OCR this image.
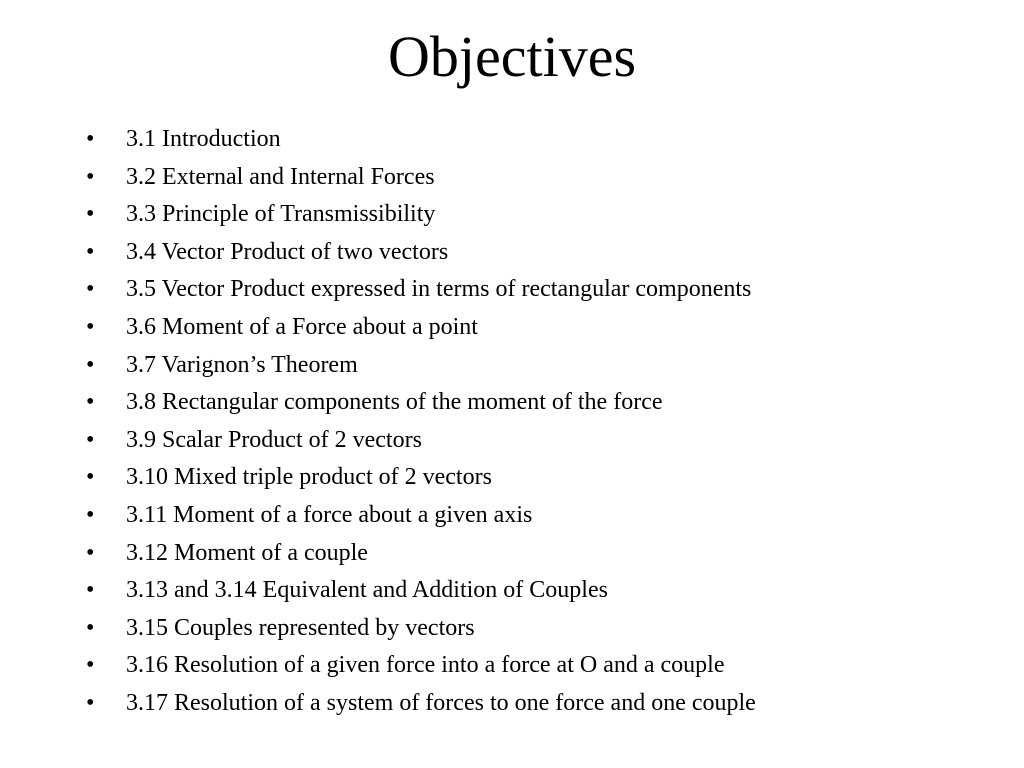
Objectives
• 3.1 Introduction
• 3.2 External and Internal Forces
• 3.3 Principle of Transmissibility
• 3.4 Vector Product of two vectors
• 3.5 Vector Product expressed in terms of rectangular components
• 3.6 Moment of a Force about a point
• 3.7 Varignon’s Theorem
• 3.8 Rectangular components of the moment of the force
• 3.9 Scalar Product of 2 vectors
• 3.10 Mixed triple product of 2 vectors
• 3.11 Moment of a force about a given axis
• 3.12 Moment of a couple
• 3.13 and 3.14 Equivalent and Addition of Couples
• 3.15 Couples represented by vectors
• 3.16 Resolution of a given force into a force at O and a couple
• 3.17 Resolution of a system of forces to one force and one couple
